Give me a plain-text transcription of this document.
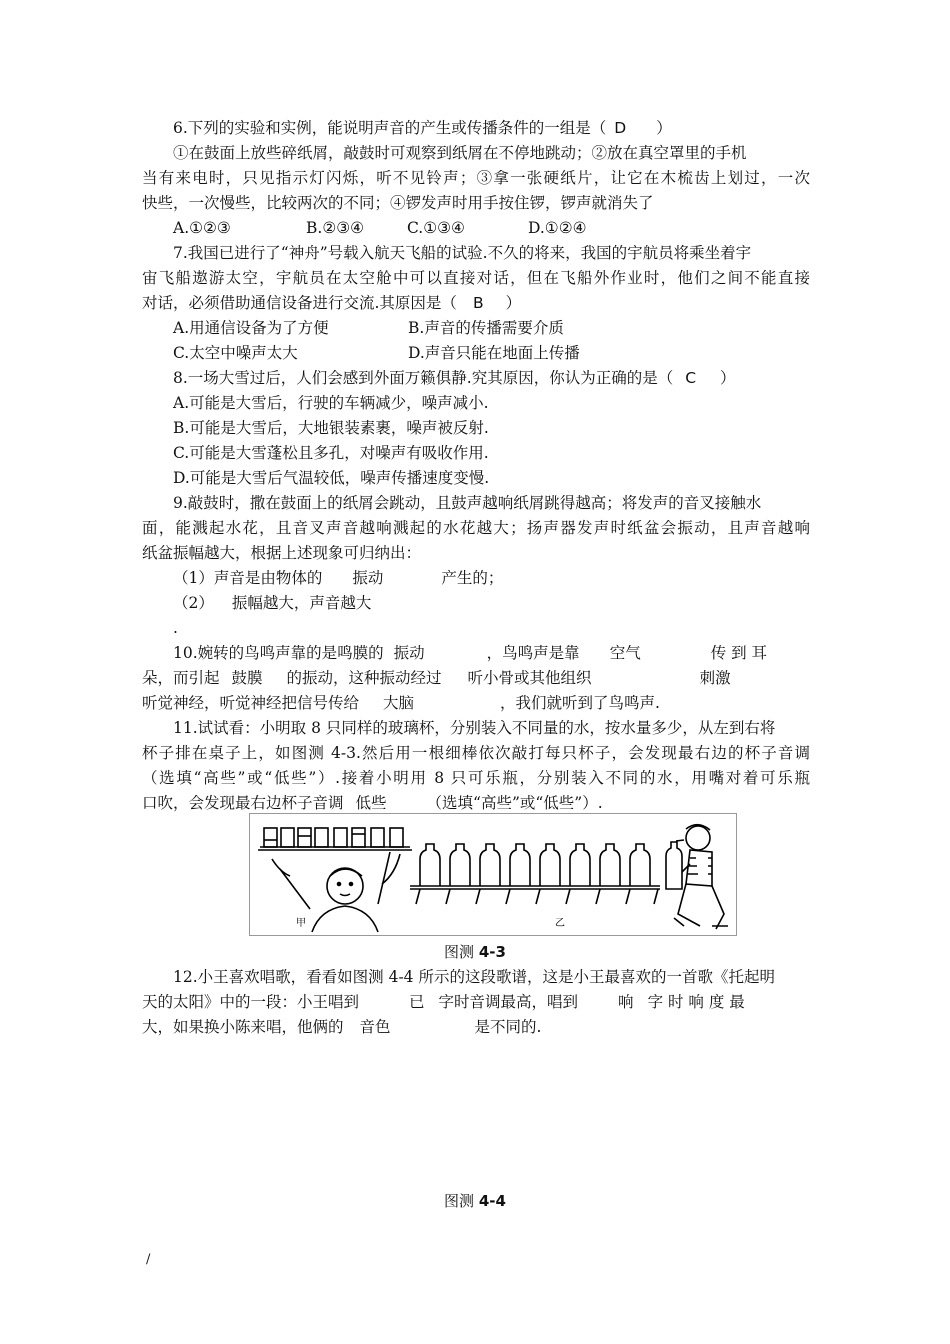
6.下列的实验和实例，能说明声音的产生或传播条件的一组是（ D ）
①在鼓面上放些碎纸屑，敲鼓时可观察到纸屑在不停地跳动；②放在真空罩里的手机
当有来电时，只见指示灯闪烁，听不见铃声；③拿一张硬纸片，让它在木梳齿上划过，一次
快些，一次慢些，比较两次的不同；④锣发声时用手按住锣，锣声就消失了
A.①②③	B.②③④	C.①③④	D.①②④
7.我国已进行了“神舟”号载入航天飞船的试验.不久的将来，我国的宇航员将乘坐着宇
宙飞船遨游太空，宇航员在太空舱中可以直接对话，但在飞船外作业时，他们之间不能直接
对话，必须借助通信设备进行交流.其原因是（ B ）
A.用通信设备为了方便	B.声音的传播需要介质
C.太空中噪声太大	D.声音只能在地面上传播
8.一场大雪过后，人们会感到外面万籁俱静.究其原因，你认为正确的是（ C ）
A.可能是大雪后，行驶的车辆减少，噪声减小.
B.可能是大雪后，大地银装素裹，噪声被反射.
C.可能是大雪蓬松且多孔，对噪声有吸收作用.
D.可能是大雪后气温较低，噪声传播速度变慢.
9.敲鼓时，撒在鼓面上的纸屑会跳动，且鼓声越响纸屑跳得越高；将发声的音叉接触水
面，能溅起水花，且音叉声音越响溅起的水花越大；扬声器发声时纸盆会振动，且声音越响
纸盆振幅越大，根据上述现象可归纳出：
（1）声音是由物体的 振动	产生的；
（2） 振幅越大，声音越大
.
10.婉转的鸟鸣声靠的是鸣膜的 振动	，鸟鸣声是靠 空气	传 到 耳
朵，而引起 鼓膜 的振动，这种振动经过 听小骨或其他组织	刺激
听觉神经，听觉神经把信号传给 大脑	，我们就听到了鸟鸣声.
11.试试看：小明取 8 只同样的玻璃杯，分别装入不同量的水，按水量多少，从左到右将
杯子排在桌子上，如图测 4-3.然后用一根细棒依次敲打每只杯子，会发现最右边的杯子音调
（选填“高些”或“低些”）.接着小明用 8 只可乐瓶，分别装入不同的水，用嘴对着可乐瓶
口吹，会发现最右边杯子音调 低些	（选填“高些”或“低些”）.
甲	乙
图测 4-3
12.小王喜欢唱歌，看看如图测 4-4 所示的这段歌谱，这是小王最喜欢的一首歌《托起明
天的太阳》中的一段：小王唱到	已 字时音调最高，唱到	响 字 时 响 度 最
大，如果换小陈来唱，他俩的 音色	是不同的.
图测 4-4
/
